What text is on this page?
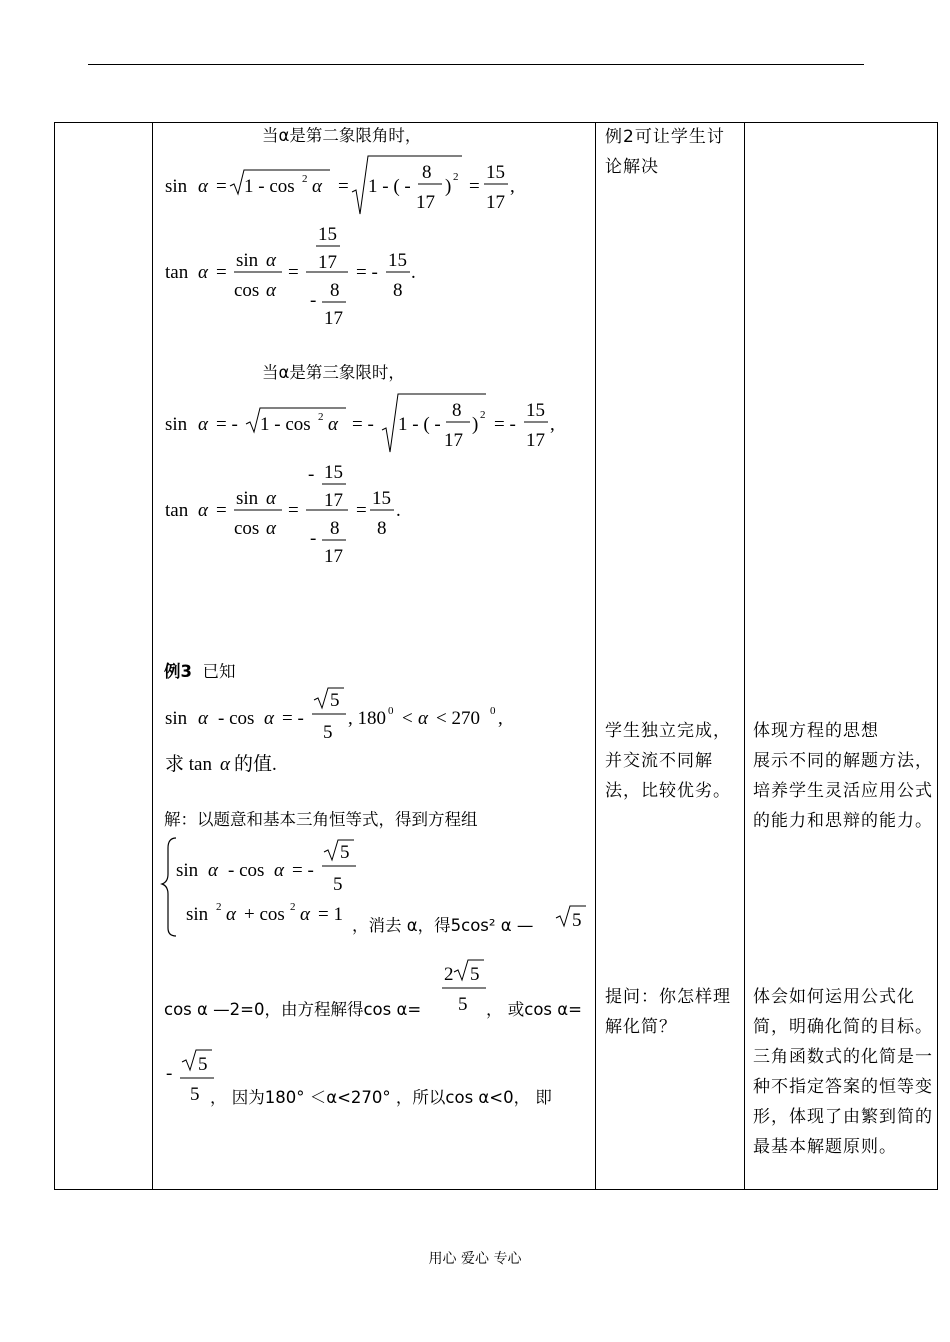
当α是第二象限角时，
sin α = 1 - cos 2 α = 1 - ( -
8
17
) 2 =
15
17
,
tan α =
sin α
cos α
=
15
17
- 8
17
= -
15
8
.
当α是第三象限时，
sin α = - 1 - cos 2 α = - 1 - ( -
8
17
) 2 = -
15
17
,
tan α =
sin α
cos α
=
- 15
17
- 8
17
=
15
8
.
例3 已知
sin α - cos α = -
5
5
, 180 0 < α < 270 0 ,
求 tan α 的值.
解：以题意和基本三角恒等式，得到方程组
sin α - cos α = -
5
5
sin 2 α + cos 2 α = 1
，消去 α，得5cos² α — 5
2 5
5
cos α —2=0，由方程解得cos α=	， 或cos α=
- 5
5 ， 因为180° ＜α<270° ，所以cos α<0， 即
例2可让学生讨论解决
学生独立完成，并交流不同解法，比较优劣。
体现方程的思想
展示不同的解题方法，培养学生灵活应用公式的能力和思辩的能力。
提问：你怎样理解化简？
体会如何运用公式化简，明确化简的目标。三角函数式的化简是一种不指定答案的恒等变形，体现了由繁到简的最基本解题原则。
用心 爱心 专心
